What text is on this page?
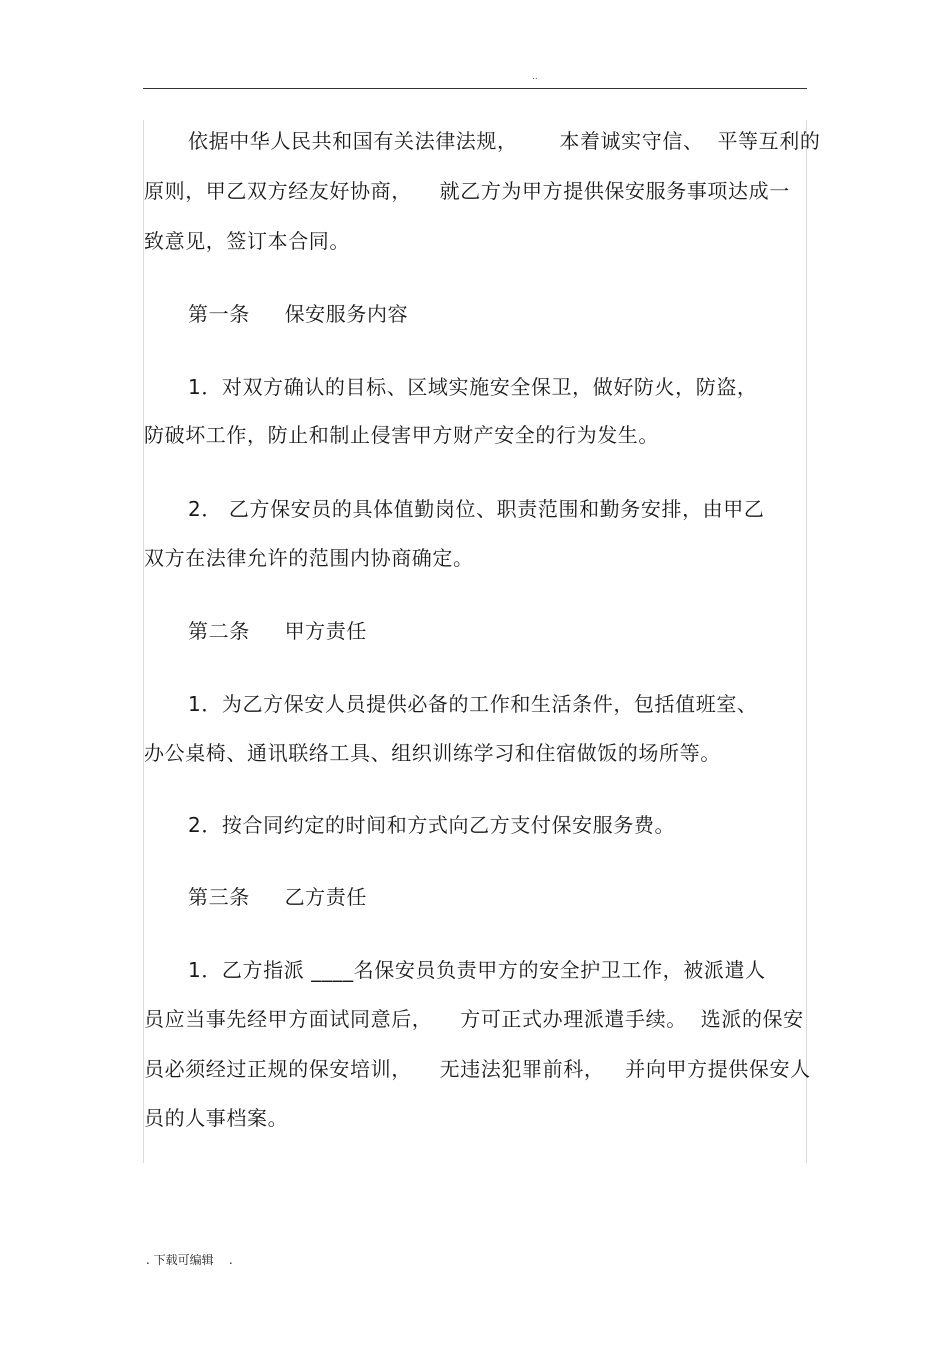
..
依据中华人民共和国有关法律法规，      本着诚实守信、  平等互利的
原则，甲乙双方经友好协商，    就乙方为甲方提供保安服务事项达成一
致意见，签订本合同。
第一条     保安服务内容
1．对双方确认的目标、区域实施安全保卫，做好防火，防盗，
防破坏工作，防止和制止侵害甲方财产安全的行为发生。
2． 乙方保安员的具体值勤岗位、职责范围和勤务安排，由甲乙
双方在法律允许的范围内协商确定。
第二条     甲方责任
1．为乙方保安人员提供必备的工作和生活条件，包括值班室、
办公桌椅、通讯联络工具、组织训练学习和住宿做饭的场所等。
2．按合同约定的时间和方式向乙方支付保安服务费。
第三条     乙方责任
1．乙方指派 ____名保安员负责甲方的安全护卫工作，被派遣人
员应当事先经甲方面试同意后，    方可正式办理派遣手续。  选派的保安
员必须经过正规的保安培训，    无违法犯罪前科，   并向甲方提供保安人
员的人事档案。
. 下载可编辑    .
